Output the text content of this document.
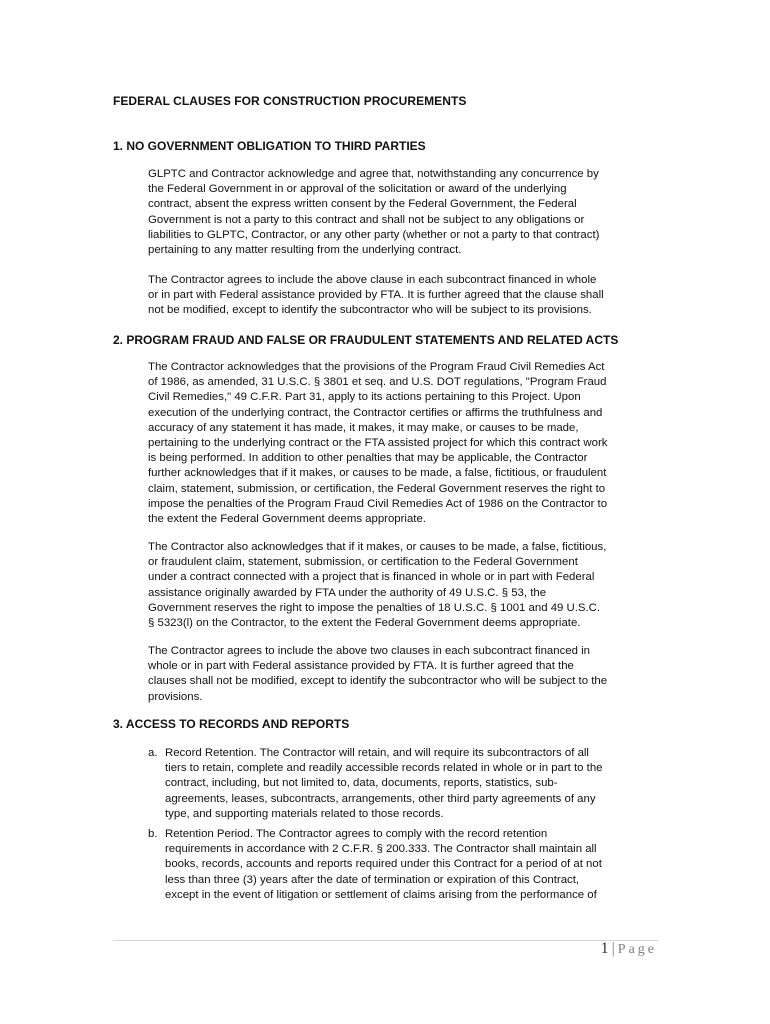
FEDERAL CLAUSES FOR CONSTRUCTION PROCUREMENTS
1. NO GOVERNMENT OBLIGATION TO THIRD PARTIES
GLPTC and Contractor acknowledge and agree that, notwithstanding any concurrence by
the Federal Government in or approval of the solicitation or award of the underlying
contract, absent the express written consent by the Federal Government, the Federal
Government is not a party to this contract and shall not be subject to any obligations or
liabilities to GLPTC, Contractor, or any other party (whether or not a party to that contract)
pertaining to any matter resulting from the underlying contract.
The Contractor agrees to include the above clause in each subcontract financed in whole
or in part with Federal assistance provided by FTA. It is further agreed that the clause shall
not be modified, except to identify the subcontractor who will be subject to its provisions.
2. PROGRAM FRAUD AND FALSE OR FRAUDULENT STATEMENTS AND RELATED ACTS
The Contractor acknowledges that the provisions of the Program Fraud Civil Remedies Act
of 1986, as amended, 31 U.S.C. § 3801 et seq. and U.S. DOT regulations, "Program Fraud
Civil Remedies," 49 C.F.R. Part 31, apply to its actions pertaining to this Project. Upon
execution of the underlying contract, the Contractor certifies or affirms the truthfulness and
accuracy of any statement it has made, it makes, it may make, or causes to be made,
pertaining to the underlying contract or the FTA assisted project for which this contract work
is being performed. In addition to other penalties that may be applicable, the Contractor
further acknowledges that if it makes, or causes to be made, a false, fictitious, or fraudulent
claim, statement, submission, or certification, the Federal Government reserves the right to
impose the penalties of the Program Fraud Civil Remedies Act of 1986 on the Contractor to
the extent the Federal Government deems appropriate.
The Contractor also acknowledges that if it makes, or causes to be made, a false, fictitious,
or fraudulent claim, statement, submission, or certification to the Federal Government
under a contract connected with a project that is financed in whole or in part with Federal
assistance originally awarded by FTA under the authority of 49 U.S.C. § 53, the
Government reserves the right to impose the penalties of 18 U.S.C. § 1001 and 49 U.S.C.
§ 5323(l) on the Contractor, to the extent the Federal Government deems appropriate.
The Contractor agrees to include the above two clauses in each subcontract financed in
whole or in part with Federal assistance provided by FTA. It is further agreed that the
clauses shall not be modified, except to identify the subcontractor who will be subject to the
provisions.
3. ACCESS TO RECORDS AND REPORTS
a. Record Retention. The Contractor will retain, and will require its subcontractors of all
tiers to retain, complete and readily accessible records related in whole or in part to the
contract, including, but not limited to, data, documents, reports, statistics, sub-
agreements, leases, subcontracts, arrangements, other third party agreements of any
type, and supporting materials related to those records.
b. Retention Period. The Contractor agrees to comply with the record retention
requirements in accordance with 2 C.F.R. § 200.333. The Contractor shall maintain all
books, records, accounts and reports required under this Contract for a period of at not
less than three (3) years after the date of termination or expiration of this Contract,
except in the event of litigation or settlement of claims arising from the performance of
1 | Page
